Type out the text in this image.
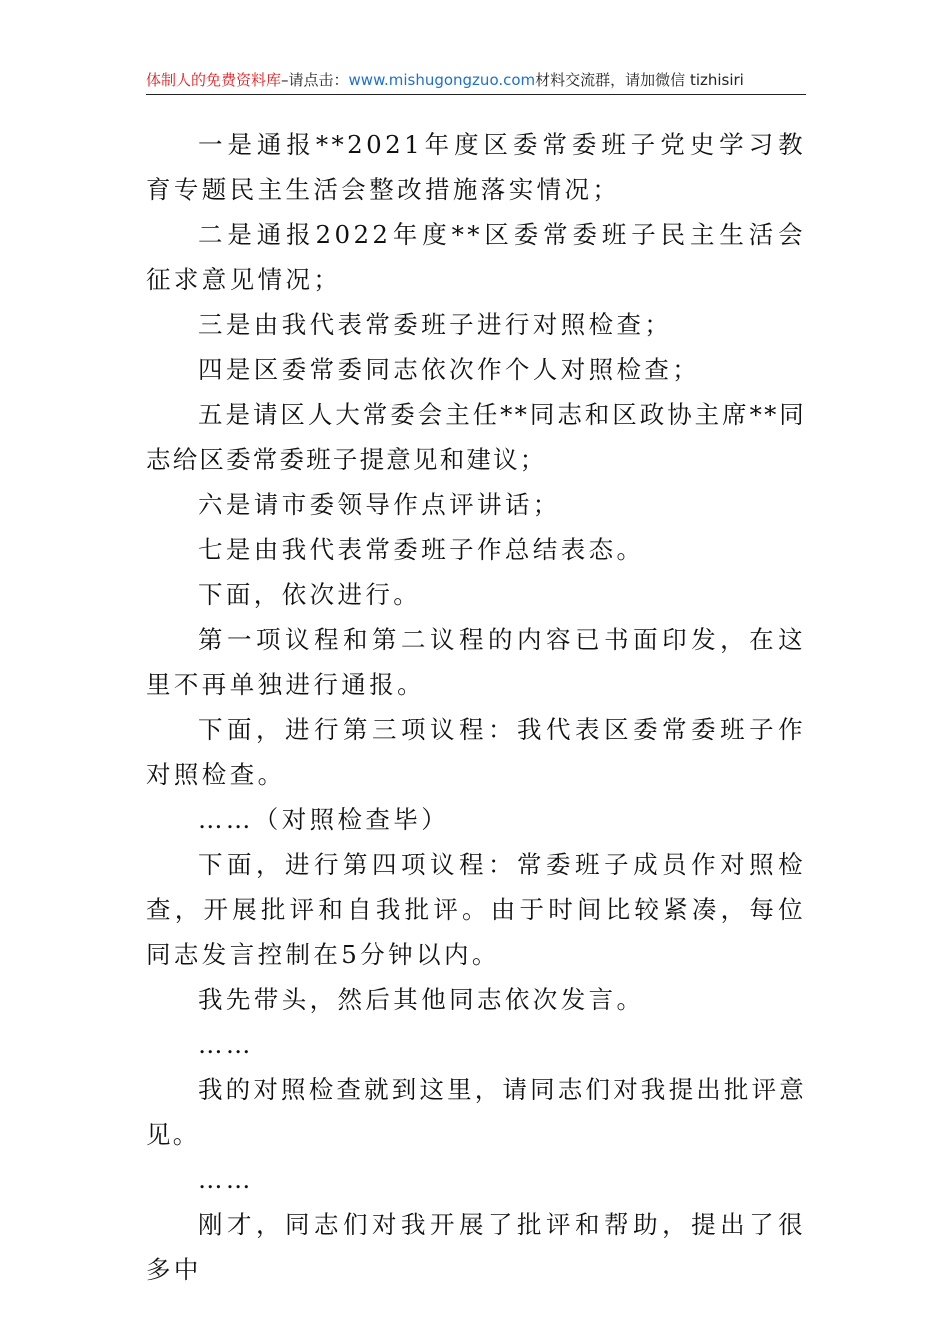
体制人的免费资料库–请点击：www.mishugongzuo.com材料交流群，请加微信 tizhisiri

一是通报**2021年度区委常委班子党史学习教育专题民主生活会整改措施落实情况；

二是通报2022年度**区委常委班子民主生活会征求意见情况；

三是由我代表常委班子进行对照检查；

四是区委常委同志依次作个人对照检查；

五是请区人大常委会主任**同志和区政协主席**同志给区委常委班子提意见和建议；

六是请市委领导作点评讲话；

七是由我代表常委班子作总结表态。

下面，依次进行。

第一项议程和第二议程的内容已书面印发，在这里不再单独进行通报。

下面，进行第三项议程：我代表区委常委班子作对照检查。

……（对照检查毕）

下面，进行第四项议程：常委班子成员作对照检查，开展批评和自我批评。由于时间比较紧凑，每位同志发言控制在5分钟以内。

我先带头，然后其他同志依次发言。

……

我的对照检查就到这里，请同志们对我提出批评意见。

……

刚才，同志们对我开展了批评和帮助，提出了很多中
